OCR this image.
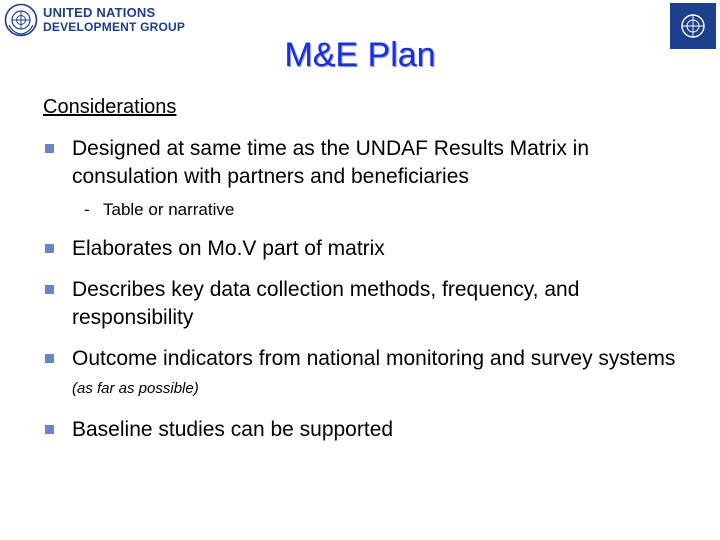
UNITED NATIONS
DEVELOPMENT GROUP
M&E Plan
Considerations
Designed at same time as the UNDAF Results Matrix in consulation with partners and beneficiaries
- Table or narrative
Elaborates on Mo.V part of matrix
Describes key data collection methods, frequency, and responsibility
Outcome indicators from national monitoring and survey systems (as far as possible)
Baseline studies can be supported
